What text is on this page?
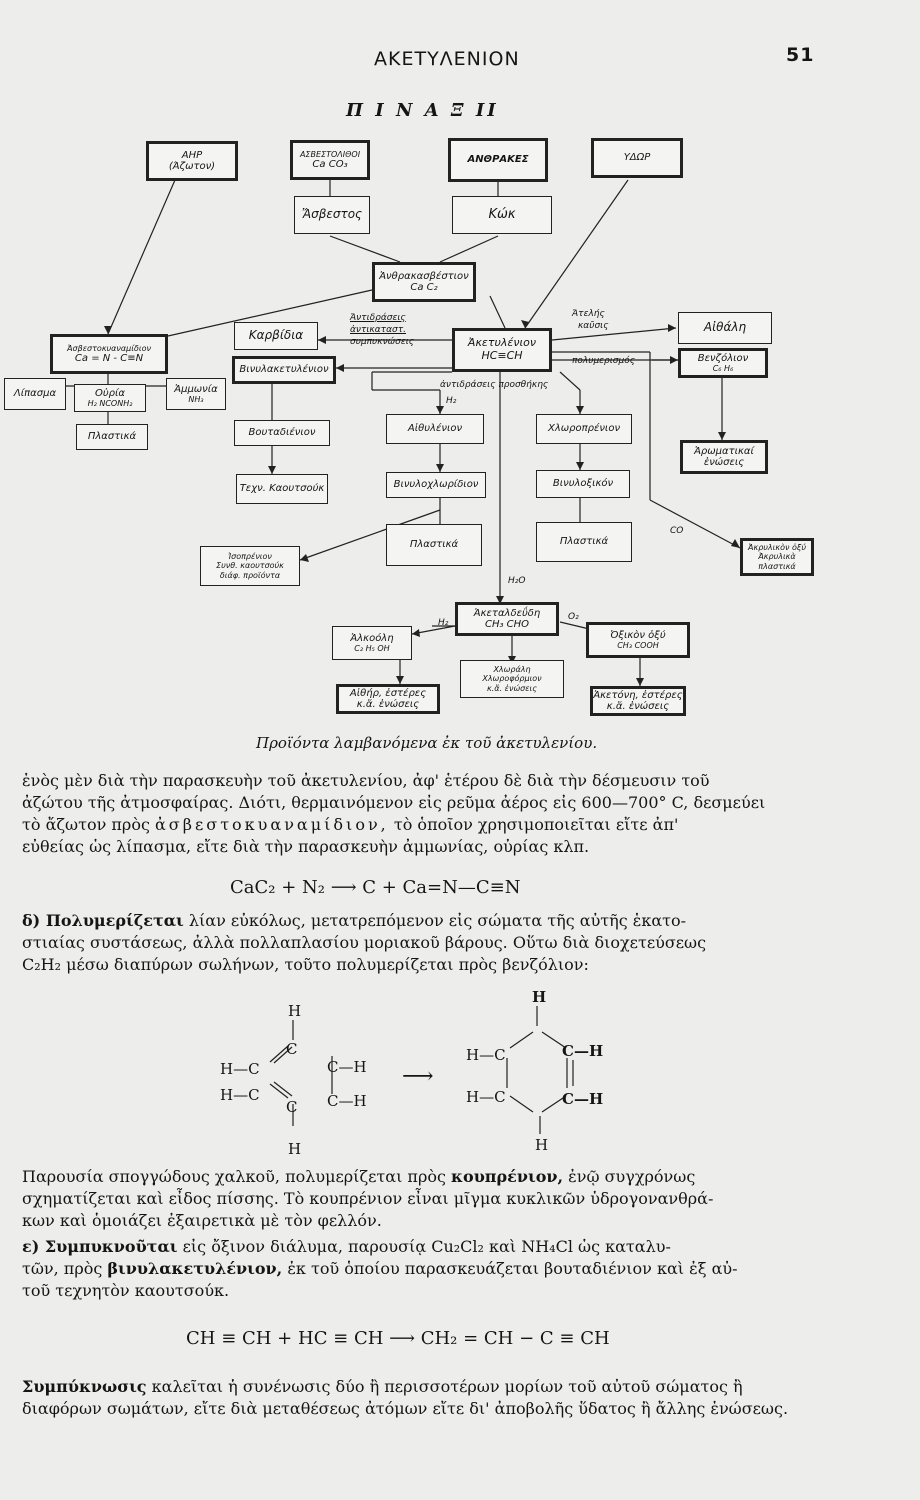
ΑΚΕΤΥΛΕΝΙΟΝ	51
Π Ι Ν Α Ξ II
ΑΗΡ
(Άζωτον)
ΑΣΒΕΣΤΟΛΙΘΟΙ
Ca CO₃	ΑΝΘΡΑΚΕΣ	ΥΔΩΡ
Ἄσβεστος	Κώκ
Ἀνθρακασβέστιον
Ca C₂
Ἀσβεστοκυαναμίδιον
Ca = N - C≡N
Λίπασμα	Οὐρία
H₂ NCONH₂
Ἀμμωνία
NH₃
Πλαστικά
Καρβίδια
Βινυλακετυλένιον
Ἀκετυλένιον
HC≡CH
Αἰθάλη
Βενζόλιον
C₆ H₆
Ἀρωματικαί
ἑνώσεις
Βουταδιένιον	Αἰθυλένιον	Χλωροπρένιον
Τεχν. Καουτσούκ	Βινυλοχλωρίδιον	Βινυλοξικόν
Πλαστικά	Πλαστικά
Ἀκρυλικὸν ὀξύ
Ἀκρυλικὰ πλαστικά
Ἰσοπρένιον
Συνθ. καουτσούκ
διάφ. προϊόντα
Ἀκεταλδεΰδη
CH₃ CHO
Ἀλκοόλη
C₂ H₅ OH
Ὀξικὸν ὀξύ
CH₃ COOH
Χλωράλη
Χλωροφόρμιον
κ.ἄ. ἑνώσεις
Αἰθήρ, ἐστέρες
κ.ἄ. ἑνώσεις
Ἀκετόνη, ἐστέρες
κ.ἄ. ἑνώσεις
Ἀντιδράσεις
ἀντικαταστ.
συμπυκνώσεις
Ἀτελής
καῦσις
πολυμερισμός
ἀντιδράσεις προσθήκης
H₂
CO
H₂O
H₂
O₂
Προϊόντα λαμβανόμενα ἐκ τοῦ ἀκετυλενίου.

ἑνὸς μὲν διὰ τὴν παρασκευὴν τοῦ ἀκετυλενίου, ἀφ' ἑτέρου δὲ διὰ τὴν δέσμευσιν τοῦ

ἀζώτου τῆς ἀτμοσφαίρας. Διότι, θερμαινόμενον εἰς ρεῦμα ἀέρος εἰς 600—700° C, δεσμεύει

τὸ ἄζωτον πρὸς ἀσβεστοκυαναμίδιον, τὸ ὁποῖον χρησιμοποιεῖται εἴτε ἀπ'

εὐθείας ὡς λίπασμα, εἴτε διὰ τὴν παρασκευὴν ἀμμωνίας, οὐρίας κλπ.

CaC₂ + N₂ ⟶ C + Ca=N—C≡N

δ) Πολυμερίζεται λίαν εὐκόλως, μετατρεπόμενον εἰς σώματα τῆς αὐτῆς ἑκατο-

στιαίας συστάσεως, ἀλλὰ πολλαπλασίου μοριακοῦ βάρους. Οὕτω διὰ διοχετεύσεως

C₂H₂ μέσω διαπύρων σωλήνων, τοῦτο πολυμερίζεται πρὸς βενζόλιον:

H
C
H—C	C—H
H—C	C—H
C
H
⟶
H
H—C	C—H
H—C	C—H
H

Παρουσία σπογγώδους χαλκοῦ, πολυμερίζεται πρὸς κουπρένιον, ἐνῷ συγχρόνως

σχηματίζεται καὶ εἶδος πίσσης. Τὸ κουπρένιον εἶναι μῖγμα κυκλικῶν ὑδρογονανθρά-

κων καὶ ὁμοιάζει ἐξαιρετικὰ μὲ τὸν φελλόν.

ε) Συμπυκνοῦται εἰς ὄξινον διάλυμα, παρουσίᾳ Cu₂Cl₂ καὶ NH₄Cl ὡς καταλυ-

τῶν, πρὸς βινυλακετυλένιον, ἐκ τοῦ ὁποίου παρασκευάζεται βουταδιένιον καὶ ἐξ αὐ-

τοῦ τεχνητὸν καουτσούκ.

CH ≡ CH + HC ≡ CH ⟶ CH₂ = CH − C ≡ CH

Συμπύκνωσις καλεῖται ἡ συνένωσις δύο ἢ περισσοτέρων μορίων τοῦ αὐτοῦ σώματος ἢ

διαφόρων σωμάτων, εἴτε διὰ μεταθέσεως ἀτόμων εἴτε δι' ἀποβολῆς ὕδατος ἢ ἄλλης ἑνώσεως.
